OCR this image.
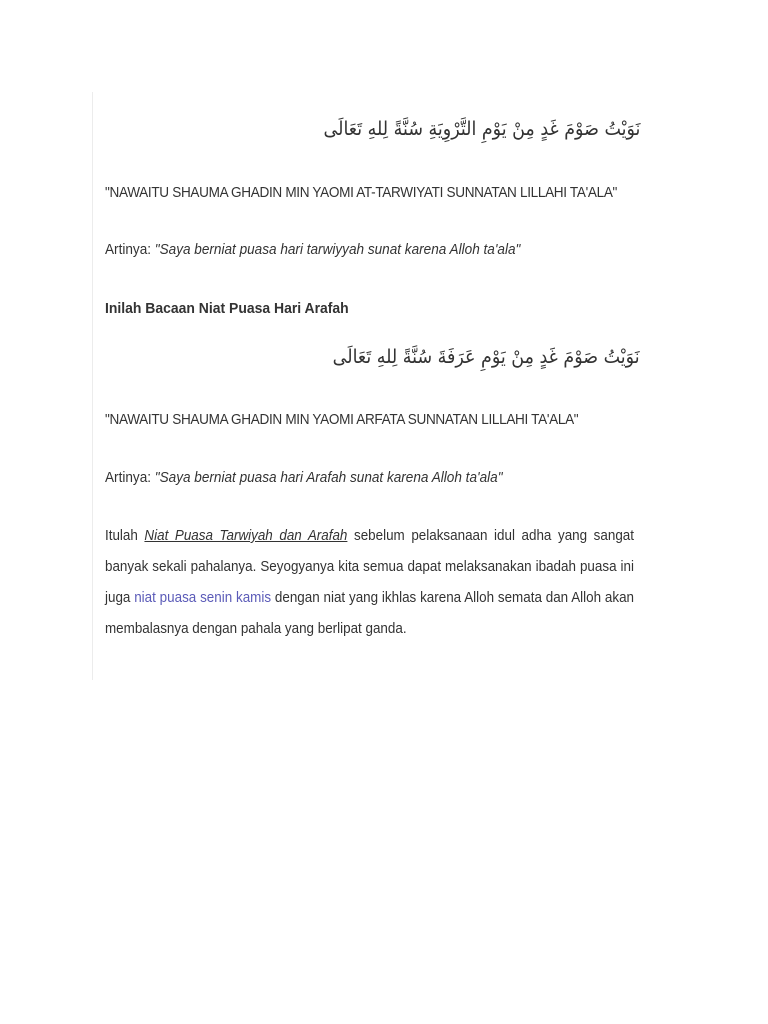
نَوَيْتُ صَوْمَ غَدٍ مِنْ يَوْمِ التَّرْوِيَةِ سُنَّةً لِلهِ تَعَالَى
"NAWAITU SHAUMA GHADIN MIN YAOMI AT-TARWIYATI SUNNATAN LILLAHI TA'ALA"
Artinya: "Saya berniat puasa hari tarwiyyah sunat karena Alloh ta'ala"
Inilah Bacaan Niat Puasa Hari Arafah
نَوَيْتُ صَوْمَ غَدٍ مِنْ يَوْمِ عَرَفَةَ سُنَّةً لِلهِ تَعَالَى
"NAWAITU SHAUMA GHADIN MIN YAOMI ARFATA SUNNATAN LILLAHI TA'ALA"
Artinya: "Saya berniat puasa hari Arafah sunat karena Alloh ta'ala"
Itulah Niat Puasa Tarwiyah dan Arafah sebelum pelaksanaan idul adha yang sangat banyak sekali pahalanya. Seyogyanya kita semua dapat melaksanakan ibadah puasa ini juga niat puasa senin kamis dengan niat yang ikhlas karena Alloh semata dan Alloh akan membalasnya dengan pahala yang berlipat ganda.
